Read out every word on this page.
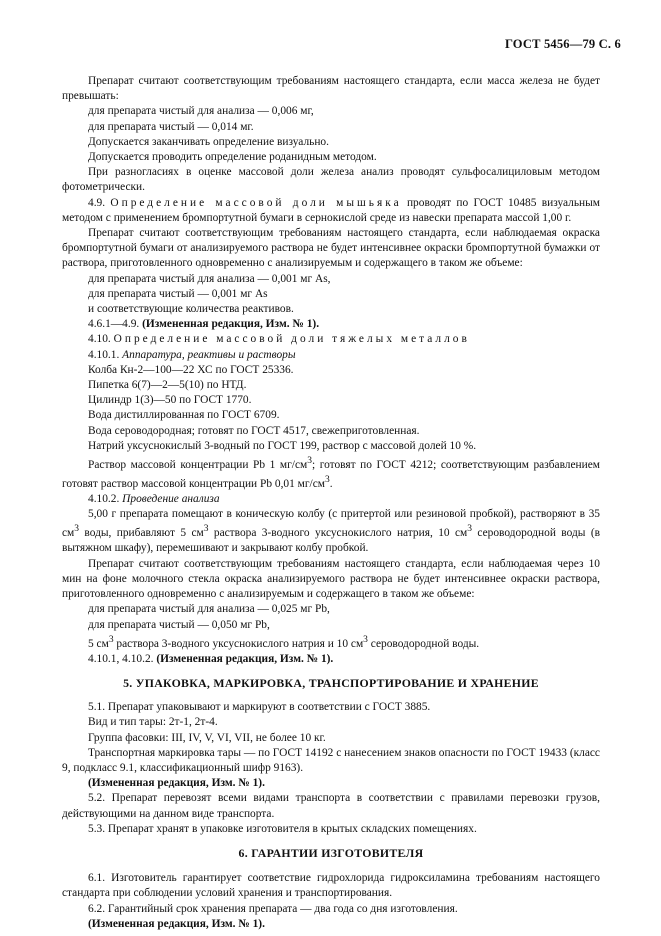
ГОСТ 5456—79 С. 6

Препарат считают соответствующим требованиям настоящего стандарта, если масса железа не будет превышать:

для препарата чистый для анализа — 0,006 мг,

для препарата чистый — 0,014 мг.

Допускается заканчивать определение визуально.

Допускается проводить определение роданидным методом.

При разногласиях в оценке массовой доли железа анализ проводят сульфосалициловым методом фотометрически.

4.9. Определение массовой доли мышьяка проводят по ГОСТ 10485 визуальным методом с применением бромпортутной бумаги в сернокислой среде из навески препарата массой 1,00 г.

Препарат считают соответствующим требованиям настоящего стандарта, если наблюдаемая окраска бромпортутной бумаги от анализируемого раствора не будет интенсивнее окраски бромпортутной бумажки от раствора, приготовленного одновременно с анализируемым и содержащего в таком же объеме:

для препарата чистый для анализа — 0,001 мг As,

для препарата чистый — 0,001 мг As

и соответствующие количества реактивов.

4.6.1—4.9. (Измененная редакция, Изм. № 1).

4.10. Определение массовой доли тяжелых металлов

4.10.1. Аппаратура, реактивы и растворы

Колба Кн-2—100—22 ХС по ГОСТ 25336.

Пипетка 6(7)—2—5(10) по НТД.

Цилиндр 1(3)—50 по ГОСТ 1770.

Вода дистиллированная по ГОСТ 6709.

Вода сероводородная; готовят по ГОСТ 4517, свежеприготовленная.

Натрий уксуснокислый 3-водный по ГОСТ 199, раствор с массовой долей 10 %.

Раствор массовой концентрации Pb 1 $мг/см^3$; готовят по ГОСТ 4212; соответствующим разбавлением готовят раствор массовой концентрации Pb 0,01 $мг/см^3$.

4.10.2. Проведение анализа

5,00 г препарата помещают в коническую колбу (с притертой или резиновой пробкой), растворяют в 35 $см^3$ воды, прибавляют 5 $см^3$ раствора 3-водного уксуснокислого натрия, 10 $см^3$ сероводородной воды (в вытяжном шкафу), перемешивают и закрывают колбу пробкой.

Препарат считают соответствующим требованиям настоящего стандарта, если наблюдаемая через 10 мин на фоне молочного стекла окраска анализируемого раствора не будет интенсивнее окраски раствора, приготовленного одновременно с анализируемым и содержащего в таком же объеме:

для препарата чистый для анализа — 0,025 мг Pb,

для препарата чистый — 0,050 мг Pb,

5 $см^3$ раствора 3-водного уксуснокислого натрия и 10 $см^3$ сероводородной воды.

4.10.1, 4.10.2. (Измененная редакция, Изм. № 1).

5. УПАКОВКА, МАРКИРОВКА, ТРАНСПОРТИРОВАНИЕ И ХРАНЕНИЕ

5.1. Препарат упаковывают и маркируют в соответствии с ГОСТ 3885.

Вид и тип тары: 2т-1, 2т-4.

Группа фасовки: III, IV, V, VI, VII, не более 10 кг.

Транспортная маркировка тары — по ГОСТ 14192 с нанесением знаков опасности по ГОСТ 19433 (класс 9, подкласс 9.1, классификационный шифр 9163).

(Измененная редакция, Изм. № 1).

5.2. Препарат перевозят всеми видами транспорта в соответствии с правилами перевозки грузов, действующими на данном виде транспорта.

5.3. Препарат хранят в упаковке изготовителя в крытых складских помещениях.

6. ГАРАНТИИ ИЗГОТОВИТЕЛЯ

6.1. Изготовитель гарантирует соответствие гидрохлорида гидроксиламина требованиям настоящего стандарта при соблюдении условий хранения и транспортирования.

6.2. Гарантийный срок хранения препарата — два года со дня изготовления.

(Измененная редакция, Изм. № 1).
